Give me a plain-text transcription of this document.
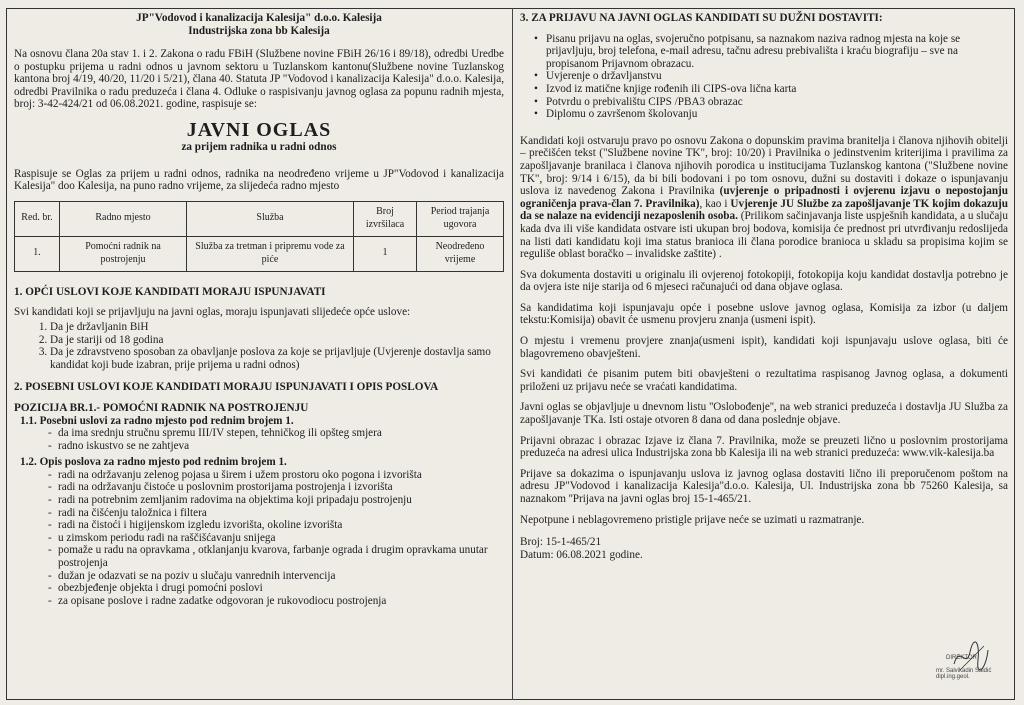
JP"Vodovod i kanalizacija Kalesija" d.o.o. Kalesija
Industrijska zona bb Kalesija

Na osnovu člana 20a stav 1. i 2. Zakona o radu FBiH (Službene novine FBiH 26/16 i 89/18), odredbi Uredbe o postupku prijema u radni odnos u javnom sektoru u Tuzlanskom kantonu(Službene novine Tuzlanskog kantona broj 4/19, 40/20, 11/20 i 5/21), člana 40. Statuta JP "Vodovod i kanalizacija Kalesija" d.o.o. Kalesija, odredbi Pravilnika o radu preduzeća i člana 4. Odluke o raspisivanju javnog oglasa za popunu radnih mjesta, broj: 3-42-424/21 od 06.08.2021. godine, raspisuje se:

JAVNI OGLAS
za prijem radnika u radni odnos

Raspisuje se Oglas za prijem u radni odnos, radnika na neodređeno vrijeme u JP"Vodovod i kanalizacija Kalesija" doo Kalesija, na puno radno vrijeme, za slijedeća radno mjesto

Red. br.	Radno mjesto	Služba	Broj izvršilaca	Period trajanja ugovora
1.	Pomoćni radnik na postrojenju	Služba za tretman i pripremu vode za piće	1	Neodređeno vrijeme
1. OPĆI USLOVI KOJE KANDIDATI MORAJU ISPUNJAVATI

Svi kandidati koji se prijavljuju na javni oglas, moraju ispunjavati slijedeće opće uslove:

1. Da je državljanin BiH
2. Da je stariji od 18 godina
3. Da je zdravstveno sposoban za obavljanje poslova za koje se prijavljuje (Uvjerenje dostavlja samo kandidat koji bude izabran, prije prijema u radni odnos)
2. POSEBNI USLOVI KOJE KANDIDATI MORAJU ISPUNJAVATI I OPIS POSLOVA
POZICIJA BR.1.- POMOĆNI RADNIK NA POSTROJENJU
1.1. Posebni uslovi za radno mjesto pod rednim brojem 1.
- da ima srednju stručnu spremu III/IV stepen, tehničkog ili opšteg smjera
- radno iskustvo se ne zahtjeva
1.2. Opis poslova za radno mjesto pod rednim brojem 1.
- radi na održavanju zelenog pojasa u širem i užem prostoru oko pogona i izvorišta
- radi na održavanju čistoće u poslovnim prostorijama postrojenja i izvorišta
- radi na potrebnim zemljanim radovima na objektima koji pripadaju postrojenju
- radi na čišćenju taložnica i filtera
- radi na čistoći i higijenskom izgledu izvorišta, okoline izvorišta
- u zimskom periodu radi na raščišćavanju snijega
- pomaže u radu na opravkama , otklanjanju kvarova, farbanje ograda i drugim opravkama unutar postrojenja
- dužan je odazvati se na poziv u slučaju vanrednih intervencija
- obezbjeđenje objekta i drugi pomoćni poslovi
- za opisane poslove i radne zadatke odgovoran je rukovodiocu postrojenja
3. ZA PRIJAVU NA JAVNI OGLAS KANDIDATI SU DUŽNI DOSTAVITI:
• Pisanu prijavu na oglas, svojeručno potpisanu, sa naznakom naziva radnog mjesta na koje se prijavljuju, broj telefona, e-mail adresu, tačnu adresu prebivališta i kraću biografiju – sve na propisanom Prijavnom obrazacu.
• Uvjerenje o državljanstvu
• Izvod iz matične knjige rođenih ili CIPS-ova lična karta
• Potvrdu o prebivalištu CIPS /PBA3 obrazac
• Diplomu o završenom školovanju

Kandidati koji ostvaruju pravo po osnovu Zakona o dopunskim pravima branitelja i članova njihovih obitelji – prečišćen tekst ("Službene novine TK", broj: 10/20) i Pravilnika o jedinstvenim kriterijima i pravilima za zapošljavanje branilaca i članova njihovih porodica u institucijama Tuzlanskog kantona ("Službene novine TK", broj: 9/14 i 6/15), da bi bili bodovani i po tom osnovu, dužni su dostaviti i dokaze o ispunjavanju uslova iz navedenog Zakona i Pravilnika (uvjerenje o pripadnosti i ovjerenu izjavu o nepostojanju ograničenja prava-član 7. Pravilnika), kao i Uvjerenje JU Službe za zapošljavanje TK kojim dokazuju da se nalaze na evidenciji nezaposlenih osoba. (Prilikom sačinjavanja liste uspješnih kandidata, a u slučaju kada dva ili više kandidata ostvare isti ukupan broj bodova, komisija će prednost pri utvrđivanju redoslijeda na listi dati kandidatu koji ima status branioca ili člana porodice branioca u skladu sa propisima kojim se reguliše oblast boračko – invalidske zaštite) .

Sva dokumenta dostaviti u originalu ili ovjerenoj fotokopiji, fotokopija koju kandidat dostavlja potrebno je da ovjera iste nije starija od 6 mjeseci računajući od dana objave oglasa.

Sa kandidatima koji ispunjavaju opće i posebne uslove javnog oglasa, Komisija za izbor (u daljem tekstu:Komisija) obavit će usmenu provjeru znanja (usmeni ispit).

O mjestu i vremenu provjere znanja(usmeni ispit), kandidati koji ispunjavaju uslove oglasa, biti će blagovremeno obavješteni.

Svi kandidati će pisanim putem biti obavješteni o rezultatima raspisanog Javnog oglasa, a dokumenti priloženi uz prijavu neće se vraćati kandidatima.

Javni oglas se objavljuje u dnevnom listu ''Oslobođenje'', na web stranici preduzeća i dostavlja JU Služba za zapošljavanje TKa. Isti ostaje otvoren 8 dana od dana poslednje objave.

Prijavni obrazac i obrazac Izjave iz člana 7. Pravilnika, može se preuzeti lično u poslovnim prostorijama preduzeća na adresi ulica Industrijska zona bb Kalesija ili na web stranici preduzeća: www.vik-kalesija.ba

Prijave sa dokazima o ispunjavanju uslova iz javnog oglasa dostaviti lično ili preporučenom poštom na adresu JP"Vodovod i kanalizacija Kalesija"d.o.o. Kalesija, Ul. Industrijska zona bb 75260 Kalesija, sa naznakom ''Prijava na javni oglas broj 15-1-465/21.

Nepotpune i neblagovremeno pristigle prijave neće se uzimati u razmatranje.

Broj: 15-1-465/21
Datum: 06.08.2021 godine.
DIREKTOR
mr. Salvikadin Saidić dipl.ing.geol.
